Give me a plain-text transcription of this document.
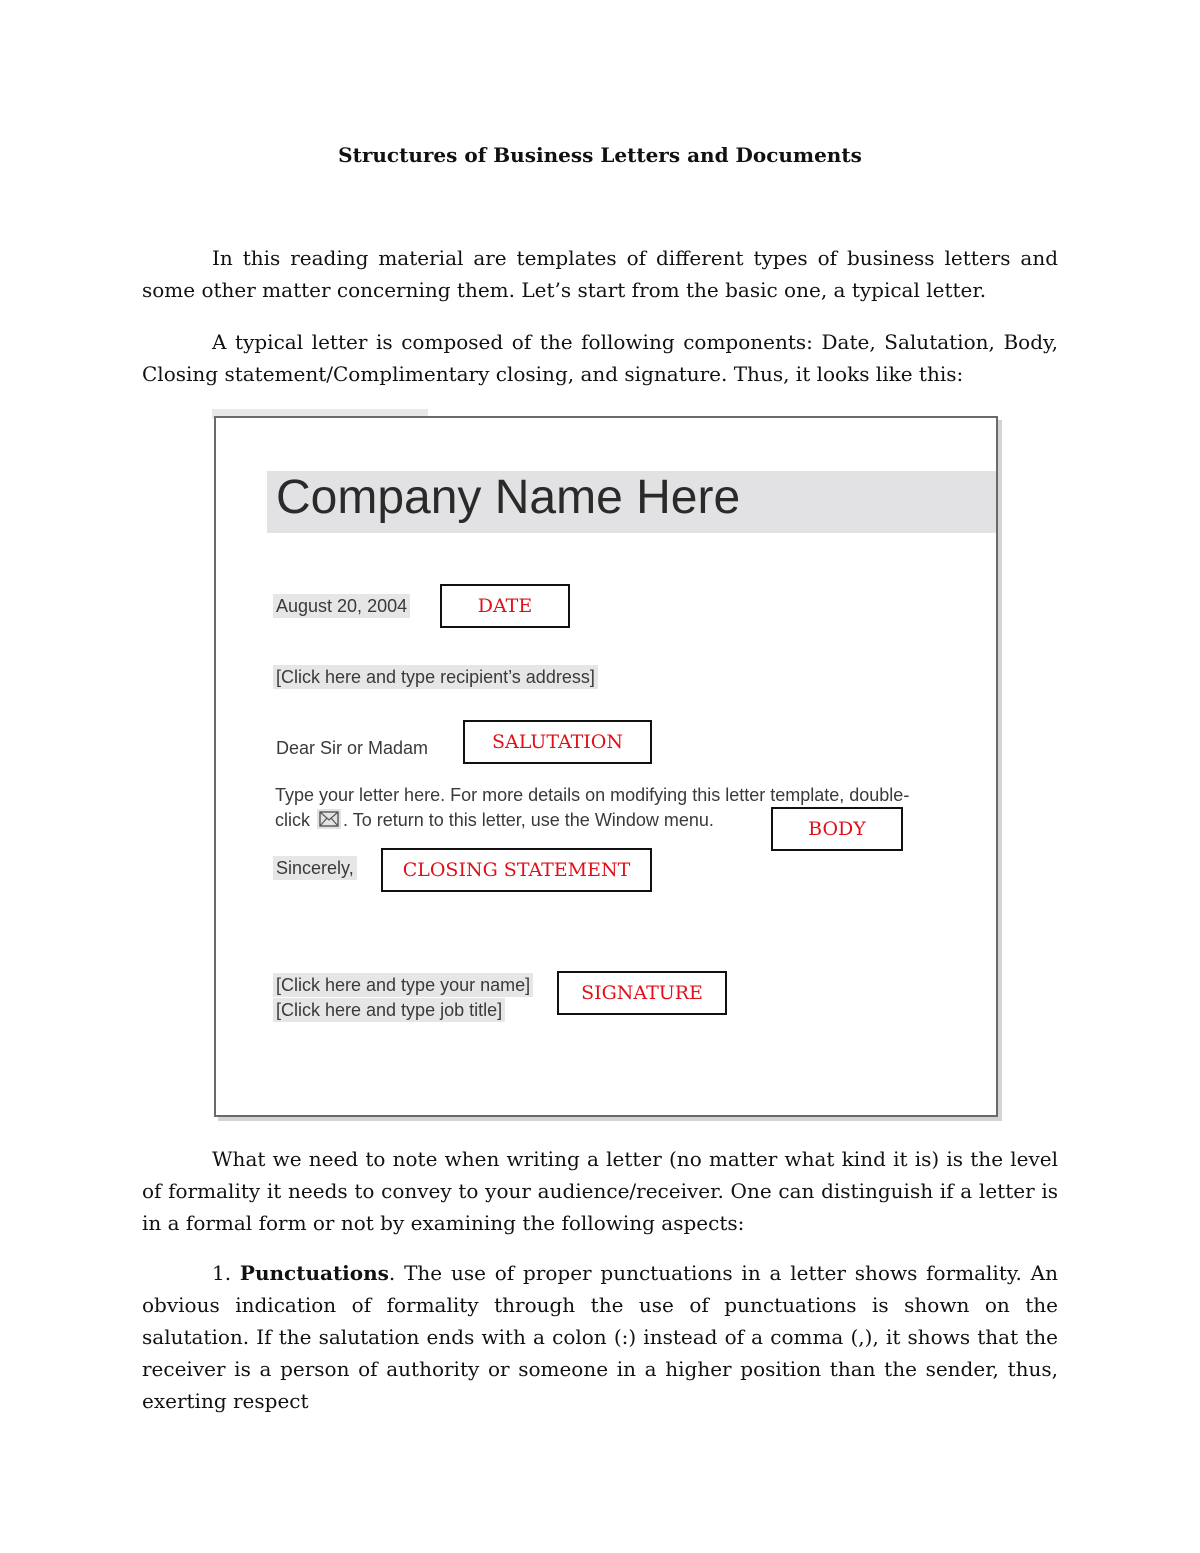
Structures of Business Letters and Documents

In this reading material are templates of different types of business letters and some other matter concerning them. Let’s start from the basic one, a typical letter.

A typical letter is composed of the following components: Date, Salutation, Body, Closing statement/Complimentary closing, and signature. Thus, it looks like this:

Company Name Here
August 20, 2004	DATE
[Click here and type recipient’s address]
Dear Sir or Madam	SALUTATION
Type your letter here. For more details on modifying this letter template, double-
click . To return to this letter, use the Window menu.	BODY
Sincerely,	CLOSING STATEMENT
[Click here and type your name]
[Click here and type job title]
SIGNATURE

What we need to note when writing a letter (no matter what kind it is) is the level of formality it needs to convey to your audience/receiver. One can distinguish if a letter is in a formal form or not by examining the following aspects:

1. Punctuations. The use of proper punctuations in a letter shows formality. An obvious indication of formality through the use of punctuations is shown on the salutation. If the salutation ends with a colon (:) instead of a comma (,), it shows that the receiver is a person of authority or someone in a higher position than the sender, thus, exerting respect
